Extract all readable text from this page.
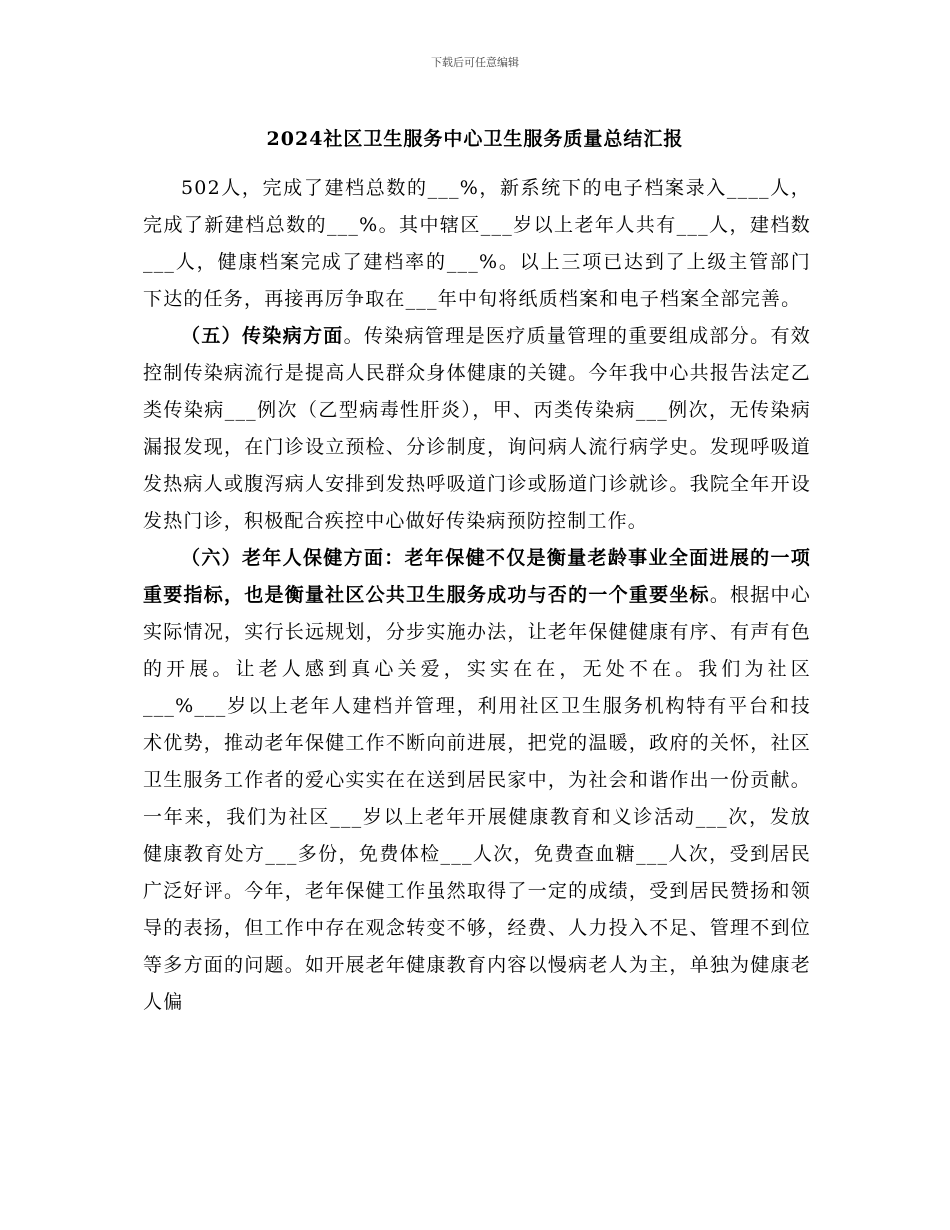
下载后可任意编辑
2024社区卫生服务中心卫生服务质量总结汇报

502人，完成了建档总数的___%，新系统下的电子档案录入____人，完成了新建档总数的___%。其中辖区___岁以上老年人共有___人，建档数___人，健康档案完成了建档率的___%。以上三项已达到了上级主管部门下达的任务，再接再厉争取在___年中旬将纸质档案和电子档案全部完善。

（五）传染病方面。传染病管理是医疗质量管理的重要组成部分。有效控制传染病流行是提高人民群众身体健康的关键。今年我中心共报告法定乙类传染病___例次（乙型病毒性肝炎），甲、丙类传染病___例次，无传染病漏报发现，在门诊设立预检、分诊制度，询问病人流行病学史。发现呼吸道发热病人或腹泻病人安排到发热呼吸道门诊或肠道门诊就诊。我院全年开设发热门诊，积极配合疾控中心做好传染病预防控制工作。

（六）老年人保健方面：老年保健不仅是衡量老龄事业全面进展的一项重要指标，也是衡量社区公共卫生服务成功与否的一个重要坐标。根据中心实际情况，实行长远规划，分步实施办法，让老年保健健康有序、有声有色的开展。让老人感到真心关爱，实实在在，无处不在。我们为社区___%___岁以上老年人建档并管理，利用社区卫生服务机构特有平台和技术优势，推动老年保健工作不断向前进展，把党的温暖，政府的关怀，社区卫生服务工作者的爱心实实在在送到居民家中，为社会和谐作出一份贡献。一年来，我们为社区___岁以上老年开展健康教育和义诊活动___次，发放健康教育处方___多份，免费体检___人次，免费查血糖___人次，受到居民广泛好评。今年，老年保健工作虽然取得了一定的成绩，受到居民赞扬和领导的表扬，但工作中存在观念转变不够，经费、人力投入不足、管理不到位等多方面的问题。如开展老年健康教育内容以慢病老人为主，单独为健康老人偏
